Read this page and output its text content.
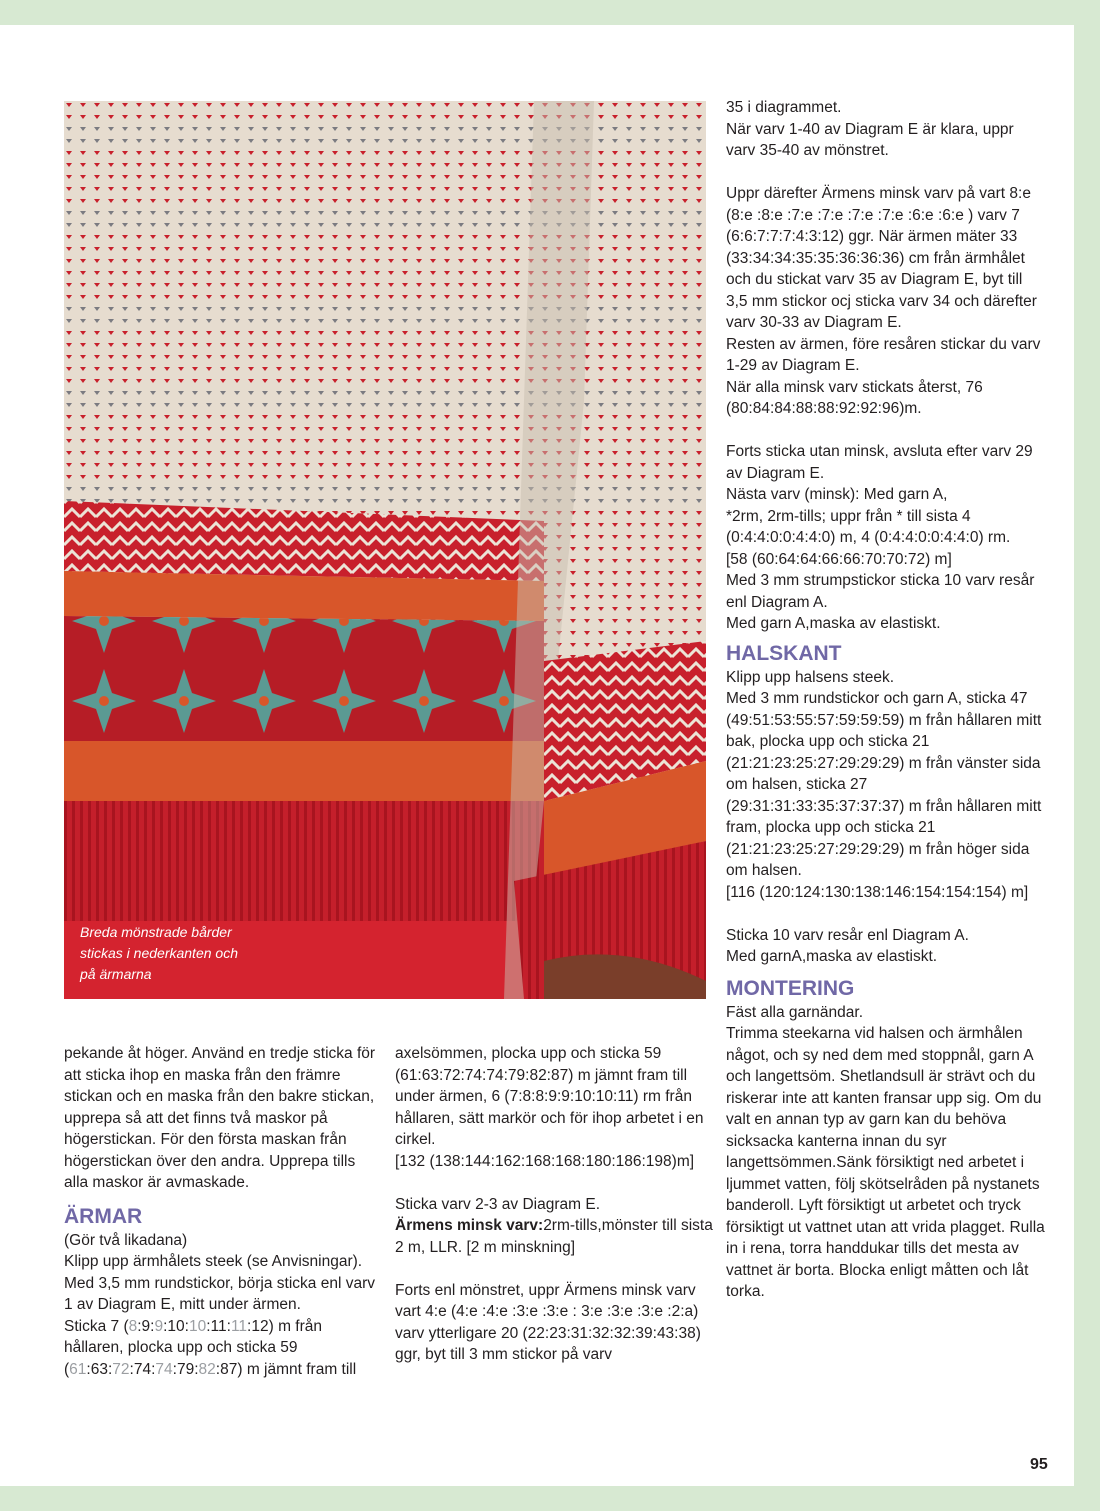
Breda mönstrade bårder stickas i nederkanten och på ärmarna

35 i diagrammet.
När varv 1-40 av Diagram E är klara, uppr varv 35-40 av mönstret.

Uppr därefter Ärmens minsk varv på vart 8:e (8:e :8:e :7:e :7:e :7:e :7:e :6:e :6:e ) varv 7 (6:6:7:7:7:4:3:12) ggr. När ärmen mäter 33 (33:34:34:35:35:36:36:36) cm från ärmhålet och du stickat varv 35 av Diagram E, byt till 3,5 mm stickor ocj sticka varv 34 och därefter varv 30-33 av Diagram E.
Resten av ärmen, före resåren stickar du varv 1-29 av Diagram E.
När alla minsk varv stickats återst, 76 (80:84:84:88:88:92:92:96)m.

Forts sticka utan minsk, avsluta efter varv 29 av Diagram E.
Nästa varv (minsk): Med garn A,
*2rm, 2rm-tills; uppr från * till sista 4 (0:4:4:0:0:4:4:0) m, 4 (0:4:4:0:0:4:4:0) rm.
[58 (60:64:64:66:66:70:70:72) m]
Med 3 mm strumpstickor sticka 10 varv resår enl Diagram A.
Med garn A,maska av elastiskt.

HALSKANT

Klipp upp halsens steek.
Med 3 mm rundstickor och garn A, sticka 47 (49:51:53:55:57:59:59:59) m från hållaren mitt bak, plocka upp och sticka 21 (21:21:23:25:27:29:29:29) m från vänster sida om halsen, sticka 27 (29:31:31:33:35:37:37:37) m från hållaren mitt fram, plocka upp och sticka 21 (21:21:23:25:27:29:29:29) m från höger sida om halsen.
[116 (120:124:130:138:146:154:154:154) m]

Sticka 10 varv resår enl Diagram A.
Med garnA,maska av elastiskt.

MONTERING

Fäst alla garnändar.
Trimma steekarna vid halsen och ärmhålen något, och sy ned dem med stoppnål, garn A och langettsöm. Shetlandsull är strävt och du riskerar inte att kanten fransar upp sig. Om du valt en annan typ av garn kan du behöva sicksacka kanterna innan du syr langettsömmen.Sänk försiktigt ned arbetet i ljummet vatten, följ skötselråden på nystanets banderoll. Lyft försiktigt ut arbetet och tryck försiktigt ut vattnet utan att vrida plagget. Rulla in i rena, torra handdukar tills det mesta av vattnet är borta. Blocka enligt måtten och låt torka.

pekande åt höger. Använd en tredje sticka för att sticka ihop en maska från den främre stickan och en maska från den bakre stickan, upprepa så att det finns två maskor på högerstickan. För den första maskan från högerstickan över den andra. Upprepa tills alla maskor är avmaskade.

ÄRMAR

(Gör två likadana)
Klipp upp ärmhålets steek (se Anvisningar).
Med 3,5 mm rundstickor, börja sticka enl varv 1 av Diagram E, mitt under ärmen.

Sticka 7 (8:9:9:10:10:11:11:12) m från hållaren, plocka upp och sticka 59
(61:63:72:74:74:79:82:87) m jämnt fram till

axelsömmen, plocka upp och sticka 59 (61:63:72:74:74:79:82:87) m jämnt fram till under ärmen, 6 (7:8:8:9:9:10:10:11) rm från hållaren, sätt markör och för ihop arbetet i en cirkel.
[132 (138:144:162:168:168:180:186:198)m]

Sticka varv 2-3 av Diagram E.
Ärmens minsk varv:2rm-tills,mönster till sista 2 m, LLR. [2 m minskning]

Forts enl mönstret, uppr Ärmens minsk varv vart 4:e (4:e :4:e :3:e :3:e : 3:e :3:e :3:e :2:a) varv ytterligare 20 (22:23:31:32:32:39:43:38) ggr, byt till 3 mm stickor på varv

95
